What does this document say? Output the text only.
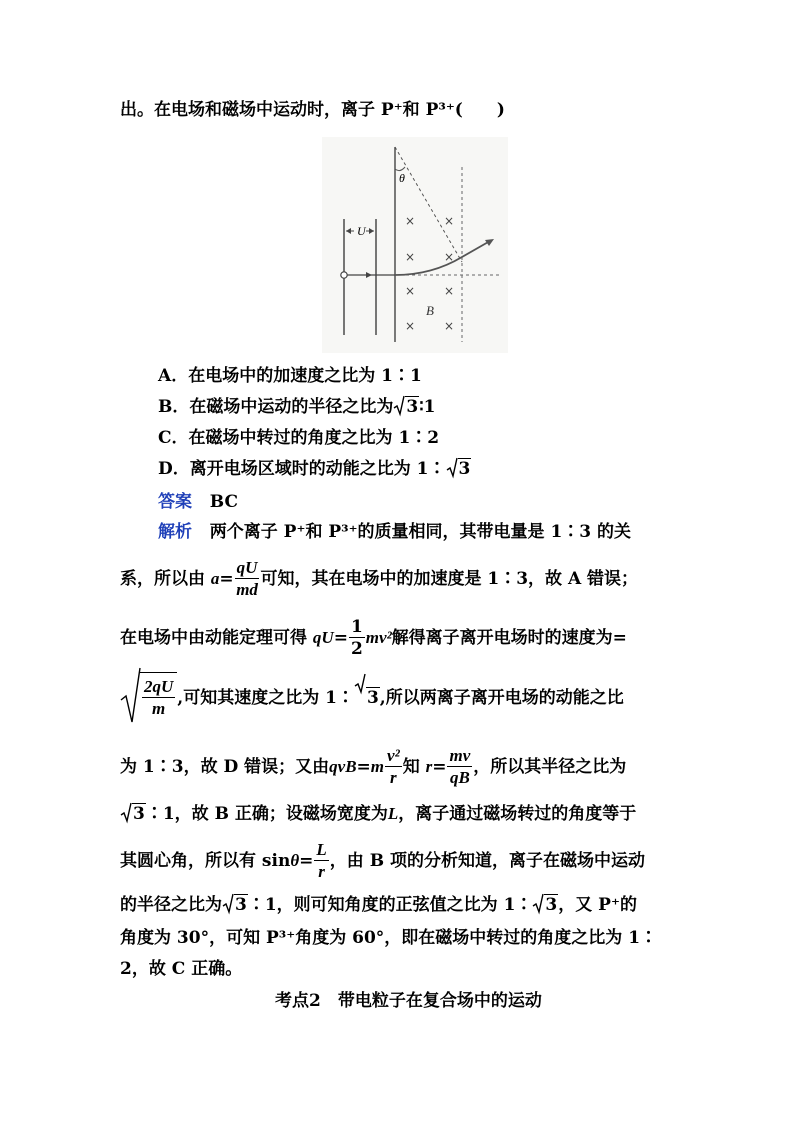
出。在电场和磁场中运动时，离子 P⁺和 P³⁺(　　)
U
θ
× ×
× ×
× ×
× ×
B
A．在电场中的加速度之比为 1∶1
B．在磁场中运动的半径之比为 3∶1
C．在磁场中转过的角度之比为 1∶2
D．离开电场区域时的动能之比为 1∶ 3
答案 BC
解析 两个离子 P⁺和 P³⁺的质量相同，其带电量是 1∶3 的关
系，所以由 $a= \frac{qU}{md}$ 可知，其在电场中的加速度是 1∶3，故 A 错误；
在电场中由动能定理可得 $qU= \frac{1}{2} mv^2$解得离子离开电场时的速度为=
$\frac{2qU}{m}$ ,可知其速度之比为 1∶ 3,所以两离子离开电场的动能之比
为 1∶3，故 D 错误；又由$qvB=m \frac{\text{v²}}{r}$ 知 $r= \frac{mv}{qB}$ ，所以其半径之比为
3∶1，故 B 正确；设磁场宽度为L，离子通过磁场转过的角度等于
其圆心角，所以有 $\sin\theta= \frac{L}{r}$ ，由 B 项的分析知道，离子在磁场中运动
的半径之比为 3∶1，则可知角度的正弦值之比为 1∶ 3，又 P⁺的
角度为 30°，可知 P³⁺角度为 60°，即在磁场中转过的角度之比为 1∶
2，故 C 正确。
考点2　带电粒子在复合场中的运动
